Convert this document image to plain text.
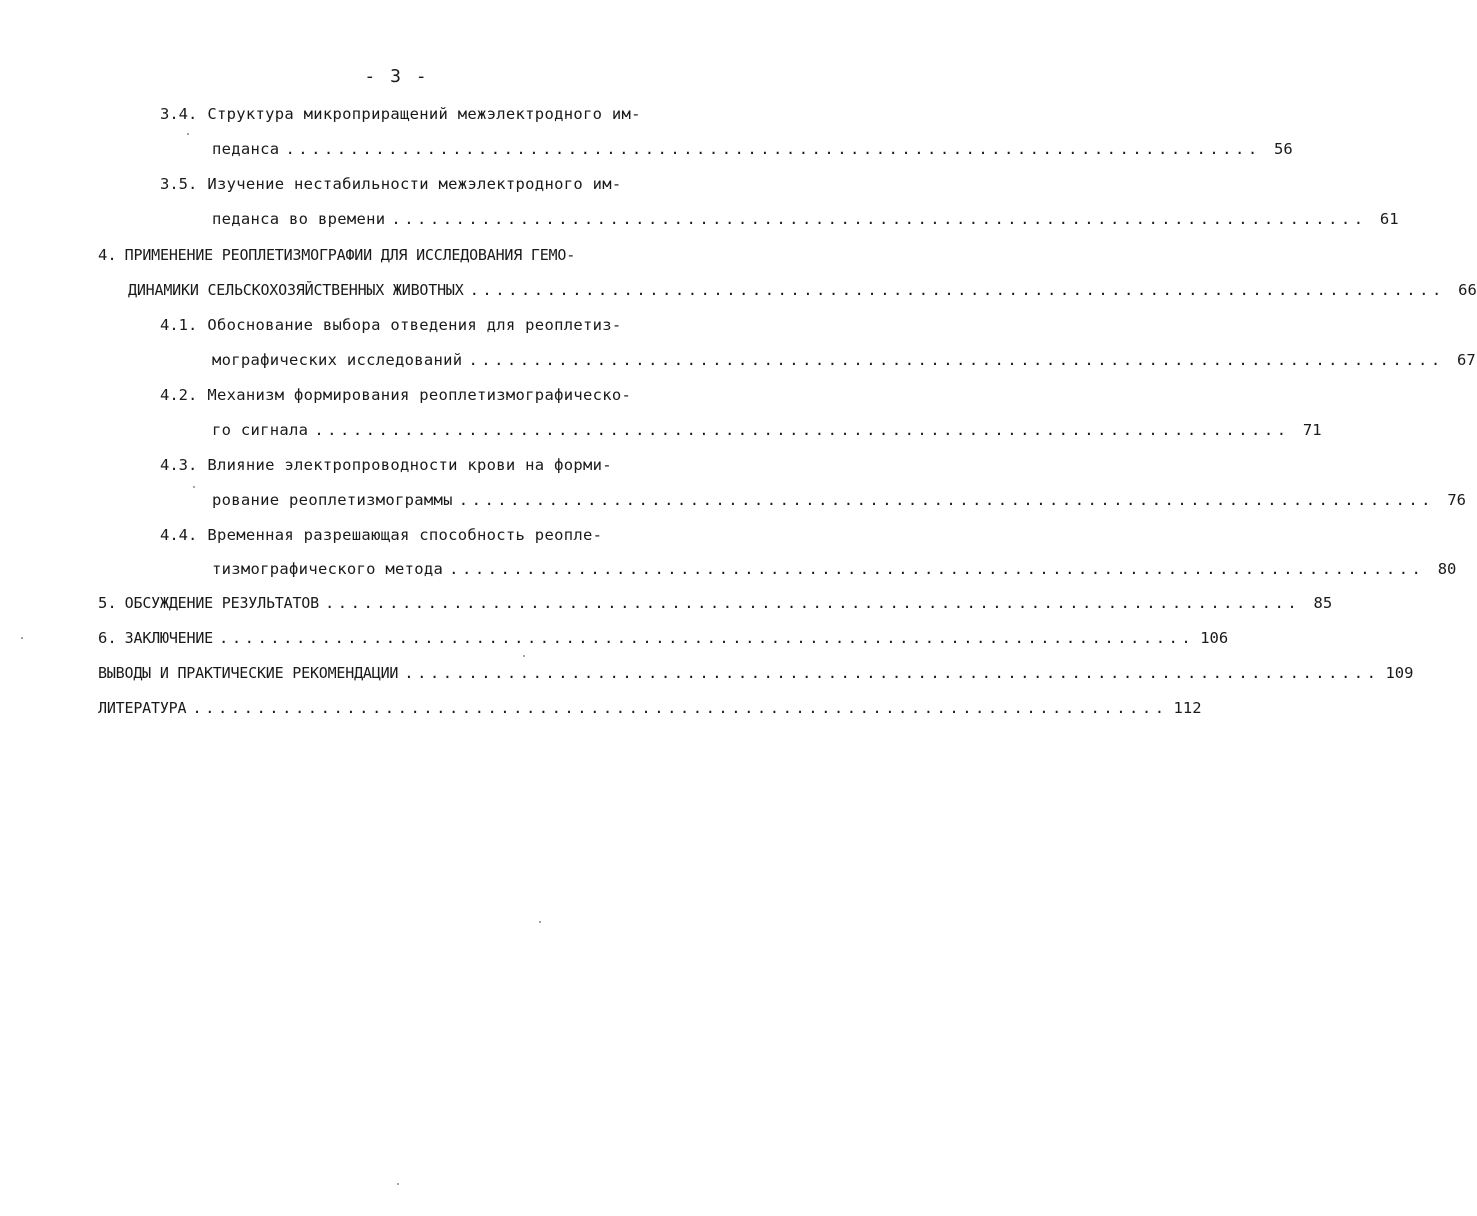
- 3 -
3.4. Структура микроприращений межэлектродного им-
педанса ............................................................................ 56
3.5. Изучение нестабильности межэлектродного им-
педанса во времени ............................................................................ 61
4. ПРИМЕНЕНИЕ РЕОПЛЕТИЗМОГРАФИИ ДЛЯ ИССЛЕДОВАНИЯ ГЕМО-
ДИНАМИКИ СЕЛЬСКОХОЗЯЙСТВЕННЫХ ЖИВОТНЫХ ............................................................................ 66
4.1. Обоснование выбора отведения для реоплетиз-
мографических исследований ............................................................................ 67
4.2. Механизм формирования реоплетизмографическо-
го сигнала ............................................................................ 71
4.3. Влияние электропроводности крови на форми-
рование реоплетизмограммы ............................................................................ 76
4.4. Временная разрешающая способность реопле-
тизмографического метода ............................................................................ 80
5. ОБСУЖДЕНИЕ РЕЗУЛЬТАТОВ ............................................................................ 85
6. ЗАКЛЮЧЕНИЕ ............................................................................ 106
ВЫВОДЫ И ПРАКТИЧЕСКИЕ РЕКОМЕНДАЦИИ ............................................................................ 109
ЛИТЕРАТУРА ............................................................................ 112
